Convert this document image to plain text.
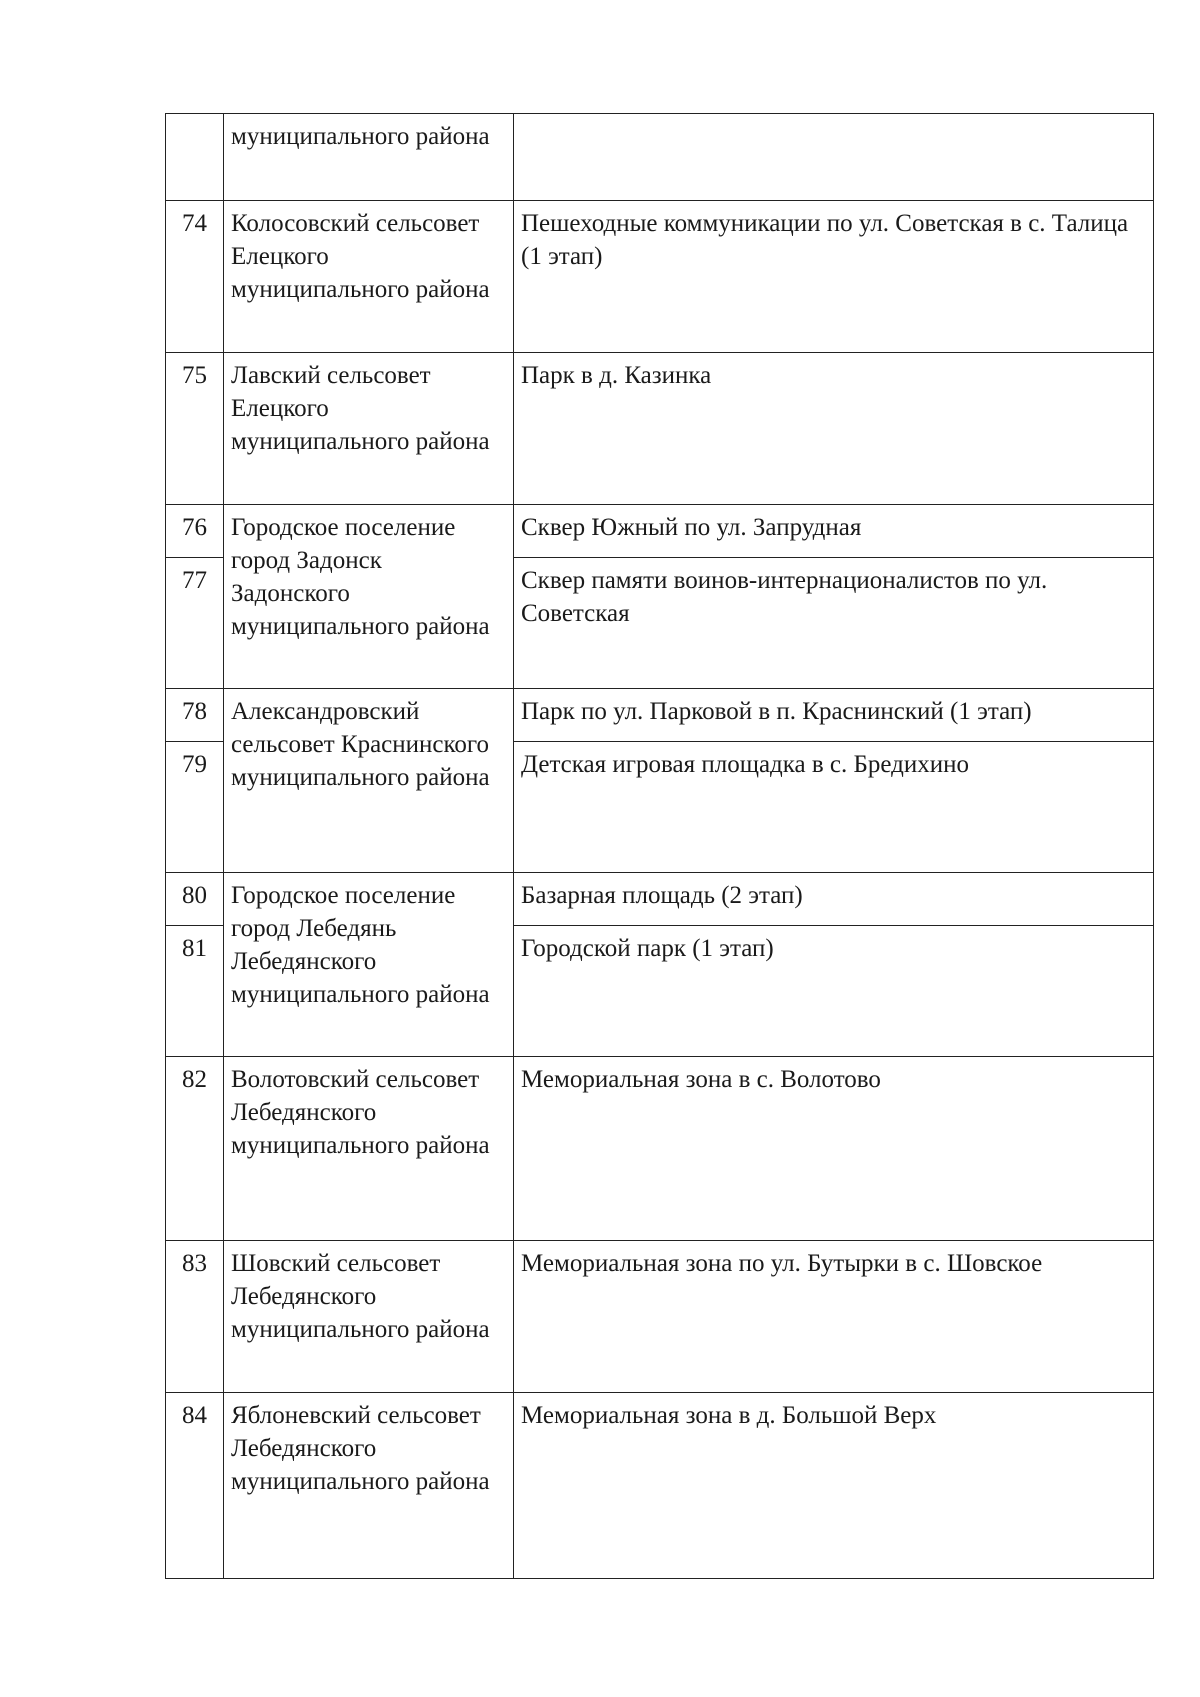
	муниципального района	
74	Колосовский сельсовет Елецкого муниципального района	Пешеходные коммуникации по ул. Советская в с. Талица (1 этап)
75	Лавский сельсовет Елецкого муниципального района	Парк в д. Казинка
76	Городское поселение город Задонск Задонского муниципального района	Сквер Южный по ул. Запрудная
77		Сквер памяти воинов-интернационалистов по ул. Советская
78	Александровский сельсовет Краснинского муниципального района	Парк по ул. Парковой в п. Краснинский (1 этап)
79		Детская игровая площадка в с. Бредихино
80	Городское поселение город Лебедянь Лебедянского муниципального района	Базарная площадь (2 этап)
81		Городской парк (1 этап)
82	Волотовский сельсовет Лебедянского муниципального района	Мемориальная зона в с. Волотово
83	Шовский сельсовет Лебедянского муниципального района	Мемориальная зона по ул. Бутырки в с. Шовское
84	Яблоневский сельсовет Лебедянского муниципального района	Мемориальная зона в д. Большой Верх
